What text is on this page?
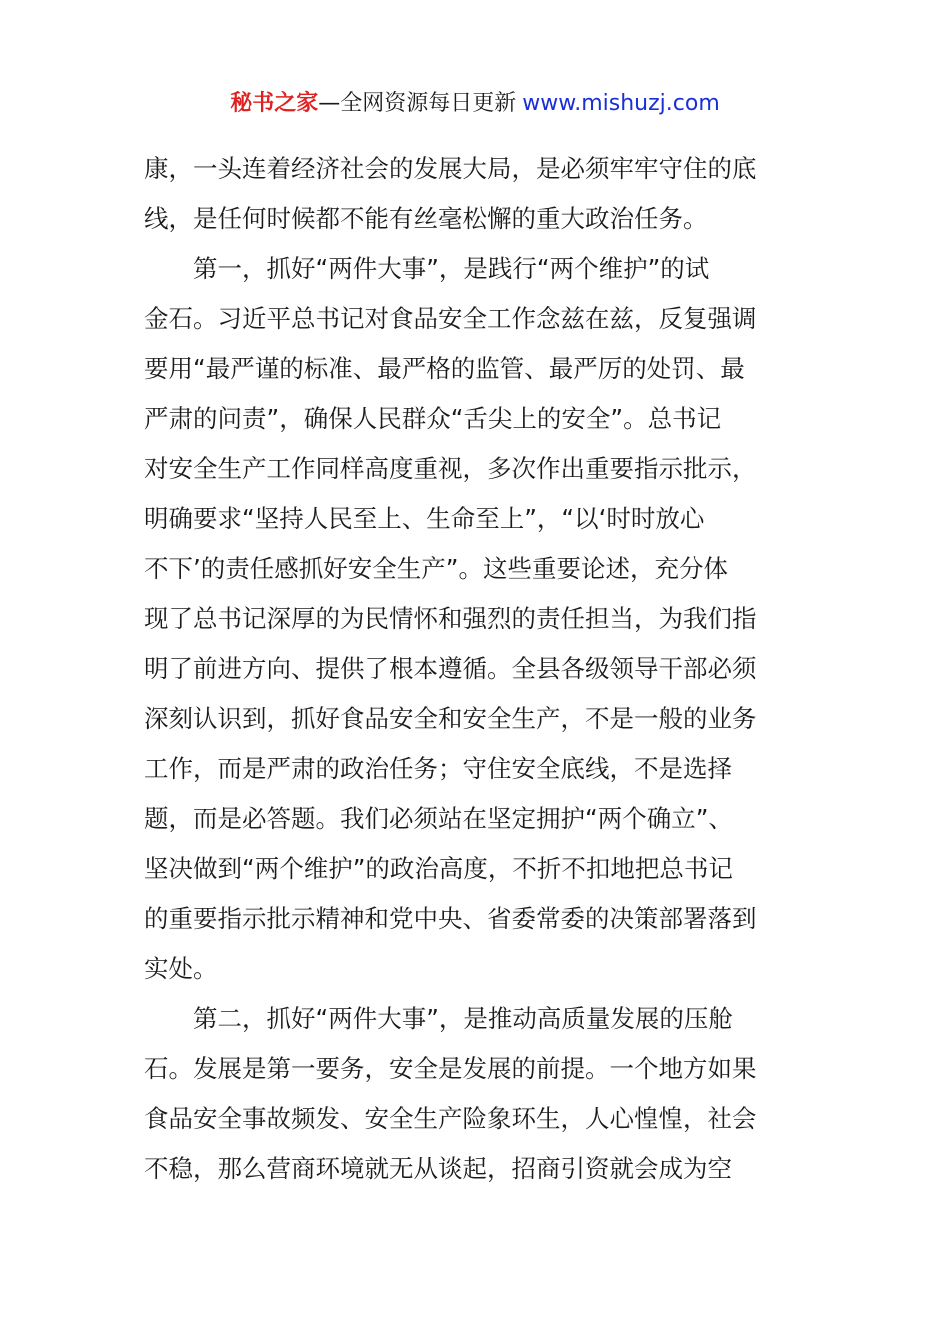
秘书之家—全网资源每日更新 www.mishuzj.com
康，一头连着经济社会的发展大局，是必须牢牢守住的底
线，是任何时候都不能有丝毫松懈的重大政治任务。
第一，抓好“两件大事”，是践行“两个维护”的试
金石。习近平总书记对食品安全工作念兹在兹，反复强调
要用“最严谨的标准、最严格的监管、最严厉的处罚、最
严肃的问责”，确保人民群众“舌尖上的安全”。总书记
对安全生产工作同样高度重视，多次作出重要指示批示，
明确要求“坚持人民至上、生命至上”，“以‘时时放心
不下’的责任感抓好安全生产”。这些重要论述，充分体
现了总书记深厚的为民情怀和强烈的责任担当，为我们指
明了前进方向、提供了根本遵循。全县各级领导干部必须
深刻认识到，抓好食品安全和安全生产，不是一般的业务
工作，而是严肃的政治任务；守住安全底线，不是选择
题，而是必答题。我们必须站在坚定拥护“两个确立”、
坚决做到“两个维护”的政治高度，不折不扣地把总书记
的重要指示批示精神和党中央、省委常委的决策部署落到
实处。
第二，抓好“两件大事”，是推动高质量发展的压舱
石。发展是第一要务，安全是发展的前提。一个地方如果
食品安全事故频发、安全生产险象环生，人心惶惶，社会
不稳，那么营商环境就无从谈起，招商引资就会成为空
